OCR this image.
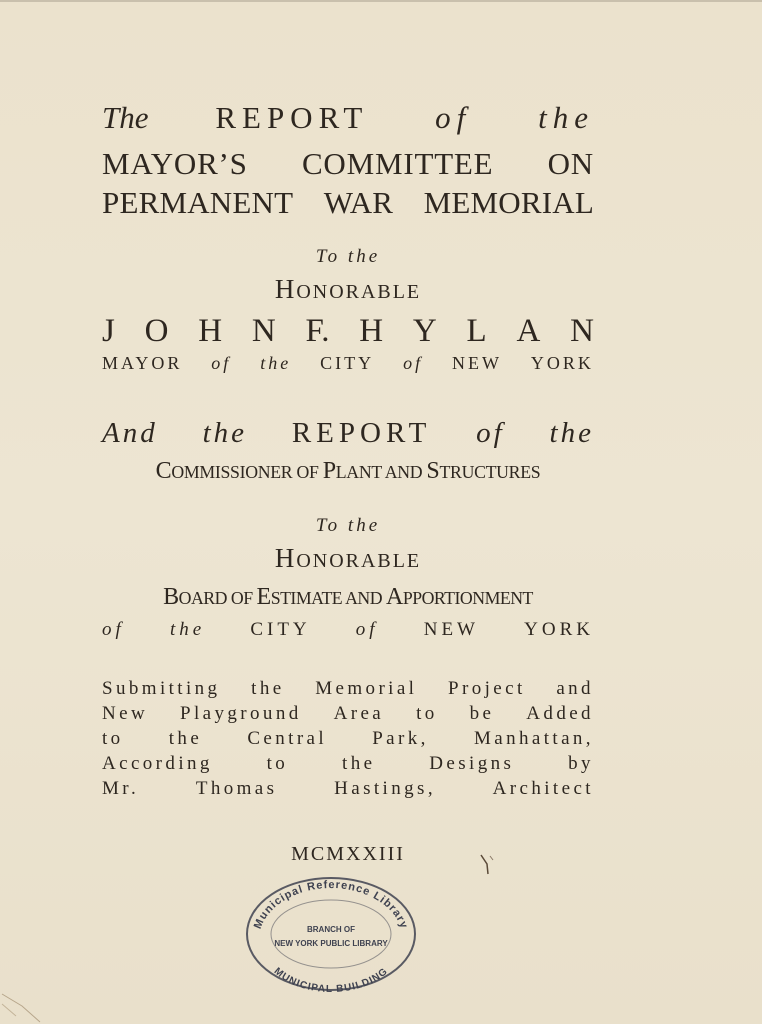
The REPORT of the
MAYOR’S COMMITTEE ON
PERMANENT WAR MEMORIAL
To the
HONORABLE
J O H N F. H Y L A N
MAYOR of the CITY of NEW YORK
And the REPORT of the
COMMISSIONER OF PLANT AND STRUCTURES
To the
HONORABLE
BOARD OF ESTIMATE AND APPORTIONMENT
of the CITY of NEW YORK
Submitting the Memorial Project and
New Playground Area to be Added
to the Central Park, Manhattan,
According	to	the	Designs	by
Mr.	Thomas	Hastings,	Architect
MCMXXIII
Municipal Reference Library
BRANCH OF
NEW YORK PUBLIC LIBRARY
MUNICIPAL BUILDING
